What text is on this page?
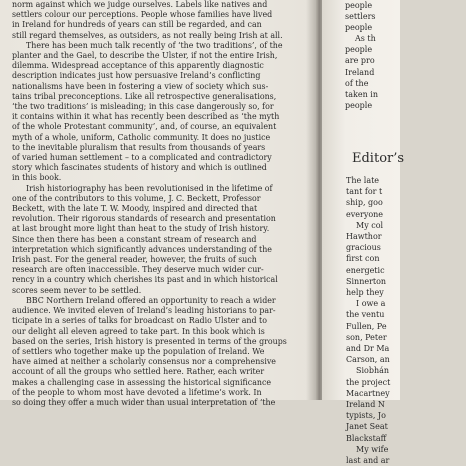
norm against which we judge ourselves. Labels like natives and
settlers colour our perceptions. People whose families have lived
in Ireland for hundreds of years can still be regarded, and can
still regard themselves, as outsiders, as not really being Irish at all.
There has been much talk recently of ‘the two traditions’, of the
planter and the Gael, to describe the Ulster, if not the entire Irish,
dilemma. Widespread acceptance of this apparently diagnostic
description indicates just how persuasive Ireland’s conflicting
nationalisms have been in fostering a view of society which sus-
tains tribal preconceptions. Like all retrospective generalisations,
‘the two traditions’ is misleading; in this case dangerously so, for
it contains within it what has recently been described as ‘the myth
of the whole Protestant community’, and, of course, an equivalent
myth of a whole, uniform, Catholic community. It does no justice
to the inevitable pluralism that results from thousands of years
of varied human settlement – to a complicated and contradictory
story which fascinates students of history and which is outlined
in this book.
Irish historiography has been revolutionised in the lifetime of
one of the contributors to this volume, J. C. Beckett, Professor
Beckett, with the late T. W. Moody, inspired and directed that
revolution. Their rigorous standards of research and presentation
at last brought more light than heat to the study of Irish history.
Since then there has been a constant stream of research and
interpretation which significantly advances understanding of the
Irish past. For the general reader, however, the fruits of such
research are often inaccessible. They deserve much wider cur-
rency in a country which cherishes its past and in which historical
scores seem never to be settled.
BBC Northern Ireland offered an opportunity to reach a wider
audience. We invited eleven of Ireland’s leading historians to par-
ticipate in a series of talks for broadcast on Radio Ulster and to
our delight all eleven agreed to take part. In this book which is
based on the series, Irish history is presented in terms of the groups
of settlers who together make up the population of Ireland. We
have aimed at neither a scholarly consensus nor a comprehensive
account of all the groups who settled here. Rather, each writer
makes a challenging case in assessing the historical significance
of the people to whom most have devoted a lifetime’s work. In
so doing they offer a much wider than usual interpretation of ‘the
people
settlers
people
As th
people
are pro
Ireland
of the
taken in
people
Editor’s
The late
tant for t
ship, goo
everyone
My col
Hawthor
gracious
first con
energetic
Sinnerton
help they
I owe a
the ventu
Fullen, Pe
son, Peter
and Dr Ma
Carson, an
Siobhán
the project
Macartney
Ireland N
typists, Jo
Janet Seat
Blackstaff
My wife
last and ar
